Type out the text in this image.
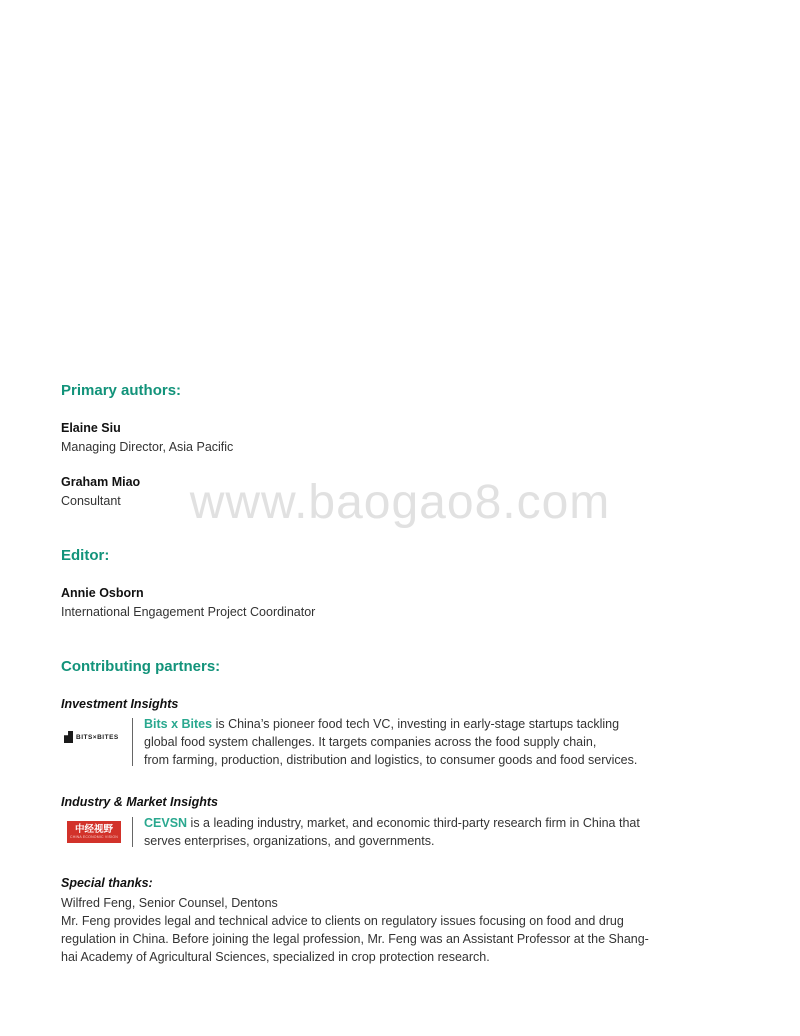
www.baogao8.com
Primary authors:
Elaine Siu
Managing Director, Asia Pacific
Graham Miao
Consultant
Editor:
Annie Osborn
International Engagement Project Coordinator
Contributing partners:
Investment Insights
BITS×BITES
Bits x Bites is China’s pioneer food tech VC, investing in early-stage startups tackling
global food system challenges. It targets companies across the food supply chain,
from farming, production, distribution and logistics, to consumer goods and food services.
Industry & Market Insights
中经视野
CHINA ECONOMIC VISION
CEVSN is a leading industry, market, and economic third-party research firm in China that
serves enterprises, organizations, and governments.
Special thanks:
Wilfred Feng, Senior Counsel, Dentons
Mr. Feng provides legal and technical advice to clients on regulatory issues focusing on food and drug
regulation in China. Before joining the legal profession, Mr. Feng was an Assistant Professor at the Shang-
hai Academy of Agricultural Sciences, specialized in crop protection research.
